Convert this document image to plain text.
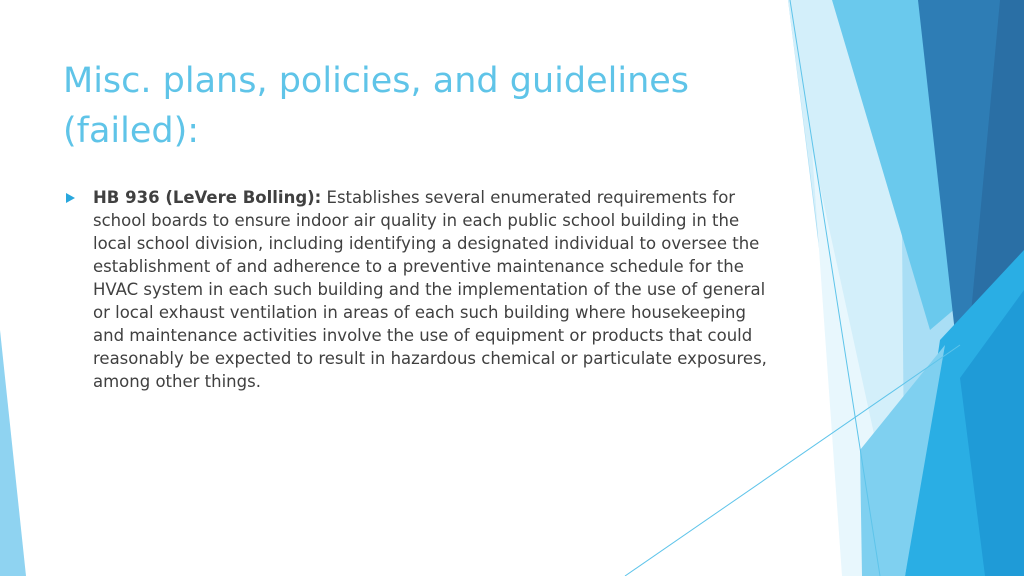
Misc. plans, policies, and guidelines (failed):
HB 936 (LeVere Bolling): Establishes several enumerated requirements for school boards to ensure indoor air quality in each public school building in the local school division, including identifying a designated individual to oversee the establishment of and adherence to a preventive maintenance schedule for the HVAC system in each such building and the implementation of the use of general or local exhaust ventilation in areas of each such building where housekeeping and maintenance activities involve the use of equipment or products that could reasonably be expected to result in hazardous chemical or particulate exposures, among other things.
